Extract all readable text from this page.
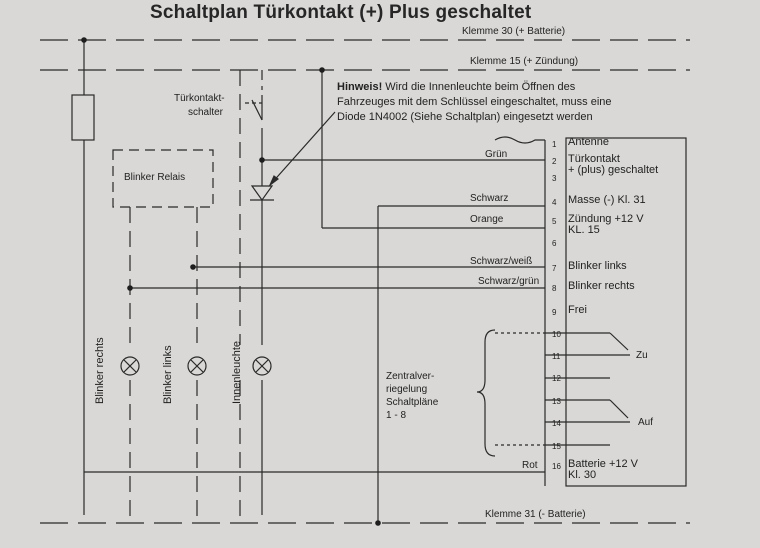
Schaltplan Türkontakt (+) Plus geschaltet
Klemme 30 (+ Batterie)
Klemme 15 (+ Zündung)
Klemme 31 (- Batterie)
Hinweis! Wird die Innenleuchte beim Öffnen des
Fahrzeuges mit dem Schlüssel eingeschaltet, muss eine
Diode 1N4002 (Siehe Schaltplan) eingesetzt werden
Türkontakt-
schalter
Blinker Relais
Blinker rechts	Blinker links	Innenleuchte	Zentralver-
riegelung
Schaltpläne
1 - 8
Grün
Schwarz
Orange
Schwarz/weiß
Schwarz/grün
Rot
1 Antenne
2 Türkontakt
+ (plus) geschaltet
3
4 Masse (-) Kl. 31
5 Zündung +12 V
KL. 15
6
7 Blinker links
8 Blinker rechts
9 Frei
10
11
12
13
14
15
16 Batterie +12 V
Kl. 30
Zu
Auf
